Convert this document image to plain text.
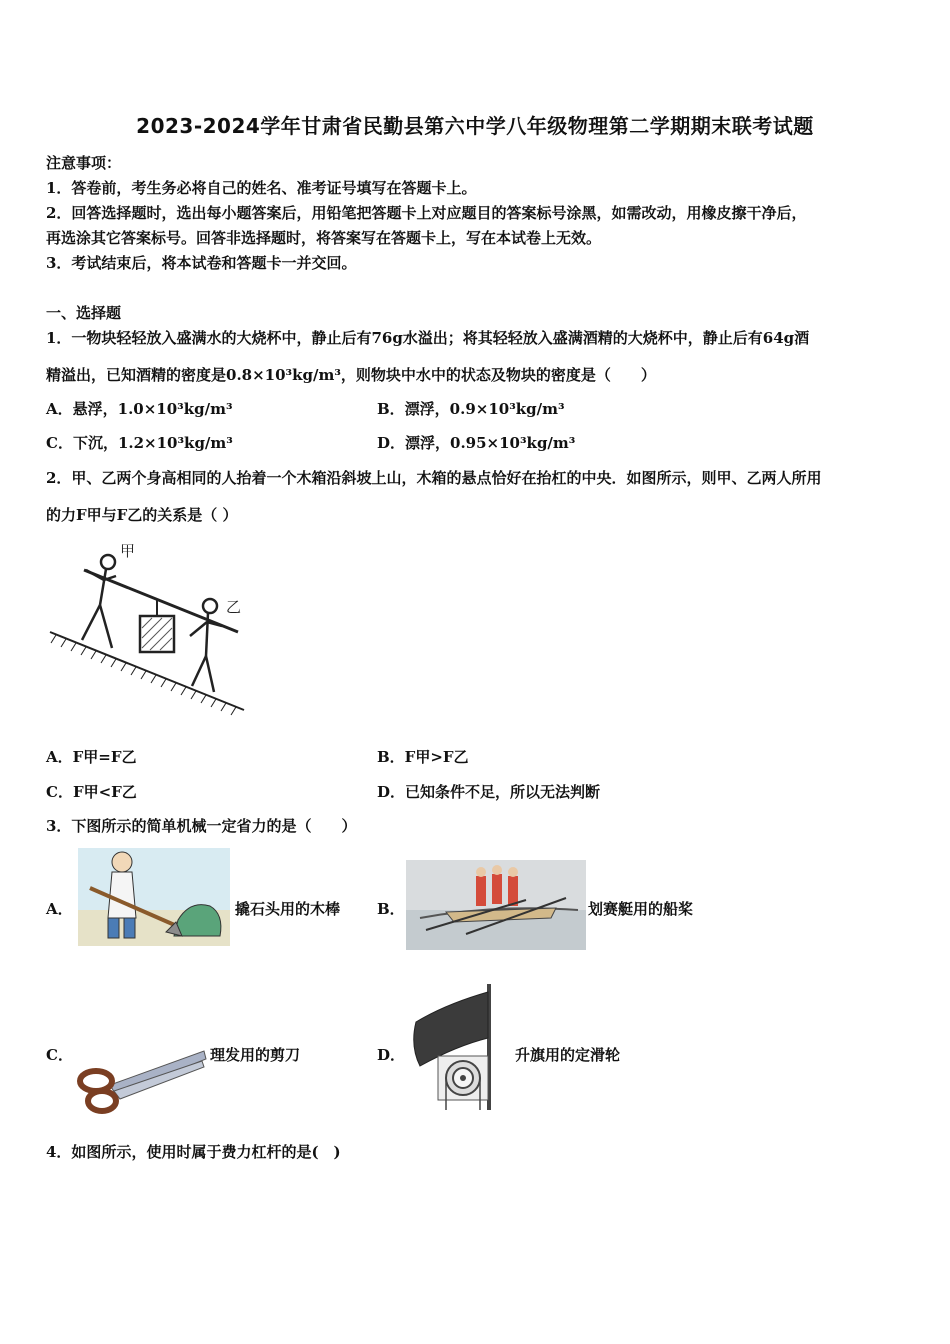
2023-2024学年甘肃省民勤县第六中学八年级物理第二学期期末联考试题
注意事项：
1．答卷前，考生务必将自己的姓名、准考证号填写在答题卡上。
2．回答选择题时，选出每小题答案后，用铅笔把答题卡上对应题目的答案标号涂黑，如需改动，用橡皮擦干净后，
再选涂其它答案标号。回答非选择题时，将答案写在答题卡上，写在本试卷上无效。
3．考试结束后，将本试卷和答题卡一并交回。
一、选择题
1．一物块轻轻放入盛满水的大烧杯中，静止后有76g水溢出；将其轻轻放入盛满酒精的大烧杯中，静止后有64g酒
精溢出，已知酒精的密度是0.8×10³kg/m³，则物块中水中的状态及物块的密度是（　　）
A．悬浮，1.0×10³kg/m³	B．漂浮，0.9×10³kg/m³
C．下沉，1.2×10³kg/m³	D．漂浮，0.95×10³kg/m³
2．甲、乙两个身高相同的人抬着一个木箱沿斜坡上山，木箱的悬点恰好在抬杠的中央．如图所示，则甲、乙两人所用
的力F甲与F乙的关系是（ ）
甲
乙
A．F甲=F乙	B．F甲>F乙
C．F甲<F乙	D．已知条件不足，所以无法判断
3．下图所示的简单机械一定省力的是（　　）
A．	撬石头用的木棒 B．	划赛艇用的船桨
C．	理发用的剪刀	D．	升旗用的定滑轮
4．如图所示，使用时属于费力杠杆的是(　)
